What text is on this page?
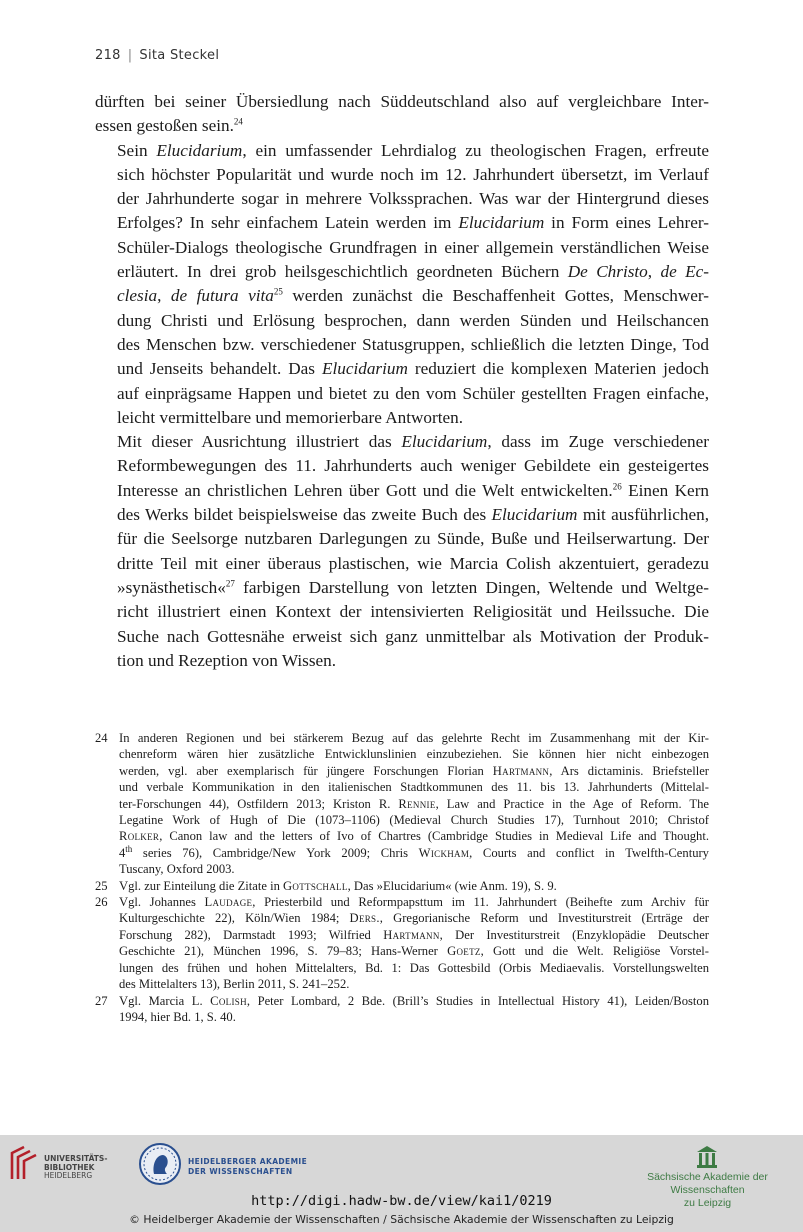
218 | Sita Steckel

dürften bei seiner Übersiedlung nach Süddeutschland also auf vergleichbare Inter-
essen gestoßen sein.$^{24}$

Sein Elucidarium, ein umfassender Lehrdialog zu theologischen Fragen, erfreute
sich höchster Popularität und wurde noch im 12. Jahrhundert übersetzt, im Verlauf
der Jahrhunderte sogar in mehrere Volkssprachen. Was war der Hintergrund dieses
Erfolges? In sehr einfachem Latein werden im Elucidarium in Form eines Lehrer-
Schüler-Dialogs theologische Grundfragen in einer allgemein verständlichen Weise
erläutert. In drei grob heilsgeschichtlich geordneten Büchern De Christo, de Ec-
clesia, de futura vita$^{25}$ werden zunächst die Beschaffenheit Gottes, Menschwer-
dung Christi und Erlösung besprochen, dann werden Sünden und Heilschancen
des Menschen bzw. verschiedener Statusgruppen, schließlich die letzten Dinge, Tod
und Jenseits behandelt. Das Elucidarium reduziert die komplexen Materien jedoch
auf einprägsame Happen und bietet zu den vom Schüler gestellten Fragen einfache,
leicht vermittelbare und memorierbare Antworten.

Mit dieser Ausrichtung illustriert das Elucidarium, dass im Zuge verschiedener
Reformbewegungen des 11. Jahrhunderts auch weniger Gebildete ein gesteigertes
Interesse an christlichen Lehren über Gott und die Welt entwickelten.$^{26}$ Einen Kern
des Werks bildet beispielsweise das zweite Buch des Elucidarium mit ausführlichen,
für die Seelsorge nutzbaren Darlegungen zu Sünde, Buße und Heilserwartung. Der
dritte Teil mit einer überaus plastischen, wie Marcia Colish akzentuiert, geradezu
»synästhetisch«$^{27}$ farbigen Darstellung von letzten Dingen, Weltende und Weltge-
richt illustriert einen Kontext der intensivierten Religiosität und Heilssuche. Die
Suche nach Gottesnähe erweist sich ganz unmittelbar als Motivation der Produk-
tion und Rezeption von Wissen.

24 In anderen Regionen und bei stärkerem Bezug auf das gelehrte Recht im Zusammenhang mit der Kir-
chenreform wären hier zusätzliche Entwicklunslinien einzubeziehen. Sie können hier nicht einbezogen
werden, vgl. aber exemplarisch für jüngere Forschungen Florian Hartmann, Ars dictaminis. Briefsteller
und verbale Kommunikation in den italienischen Stadtkommunen des 11. bis 13. Jahrhunderts (Mittelal-
ter-Forschungen 44), Ostfildern 2013; Kriston R. Rennie, Law and Practice in the Age of Reform. The
Legatine Work of Hugh of Die (1073–1106) (Medieval Church Studies 17), Turnhout 2010; Christof
Rolker, Canon law and the letters of Ivo of Chartres (Cambridge Studies in Medieval Life and Thought.
4th series 76), Cambridge/New York 2009; Chris Wickham, Courts and conflict in Twelfth-Century
Tuscany, Oxford 2003.
25 Vgl. zur Einteilung die Zitate in Gottschall, Das »Elucidarium« (wie Anm. 19), S. 9.
26 Vgl. Johannes Laudage, Priesterbild und Reformpapsttum im 11. Jahrhundert (Beihefte zum Archiv für
Kulturgeschichte 22), Köln/Wien 1984; Ders., Gregorianische Reform und Investiturstreit (Erträge der
Forschung 282), Darmstadt 1993; Wilfried Hartmann, Der Investiturstreit (Enzyklopädie Deutscher
Geschichte 21), München 1996, S. 79–83; Hans-Werner Goetz, Gott und die Welt. Religiöse Vorstel-
lungen des frühen und hohen Mittelalters, Bd. 1: Das Gottesbild (Orbis Mediaevalis. Vorstellungswelten
des Mittelalters 13), Berlin 2011, S. 241–252.
27 Vgl. Marcia L. Colish, Peter Lombard, 2 Bde. (Brill’s Studies in Intellectual History 41), Leiden/Boston
1994, hier Bd. 1, S. 40.
UNIVERSITÄTS-
BIBLIOTHEK
HEIDELBERG
HEIDELBERGER AKADEMIE
DER WISSENSCHAFTEN	Sächsische Akademie der Wissenschaften
zu Leipzig
http://digi.hadw-bw.de/view/kai1/0219
© Heidelberger Akademie der Wissenschaften / Sächsische Akademie der Wissenschaften zu Leipzig
